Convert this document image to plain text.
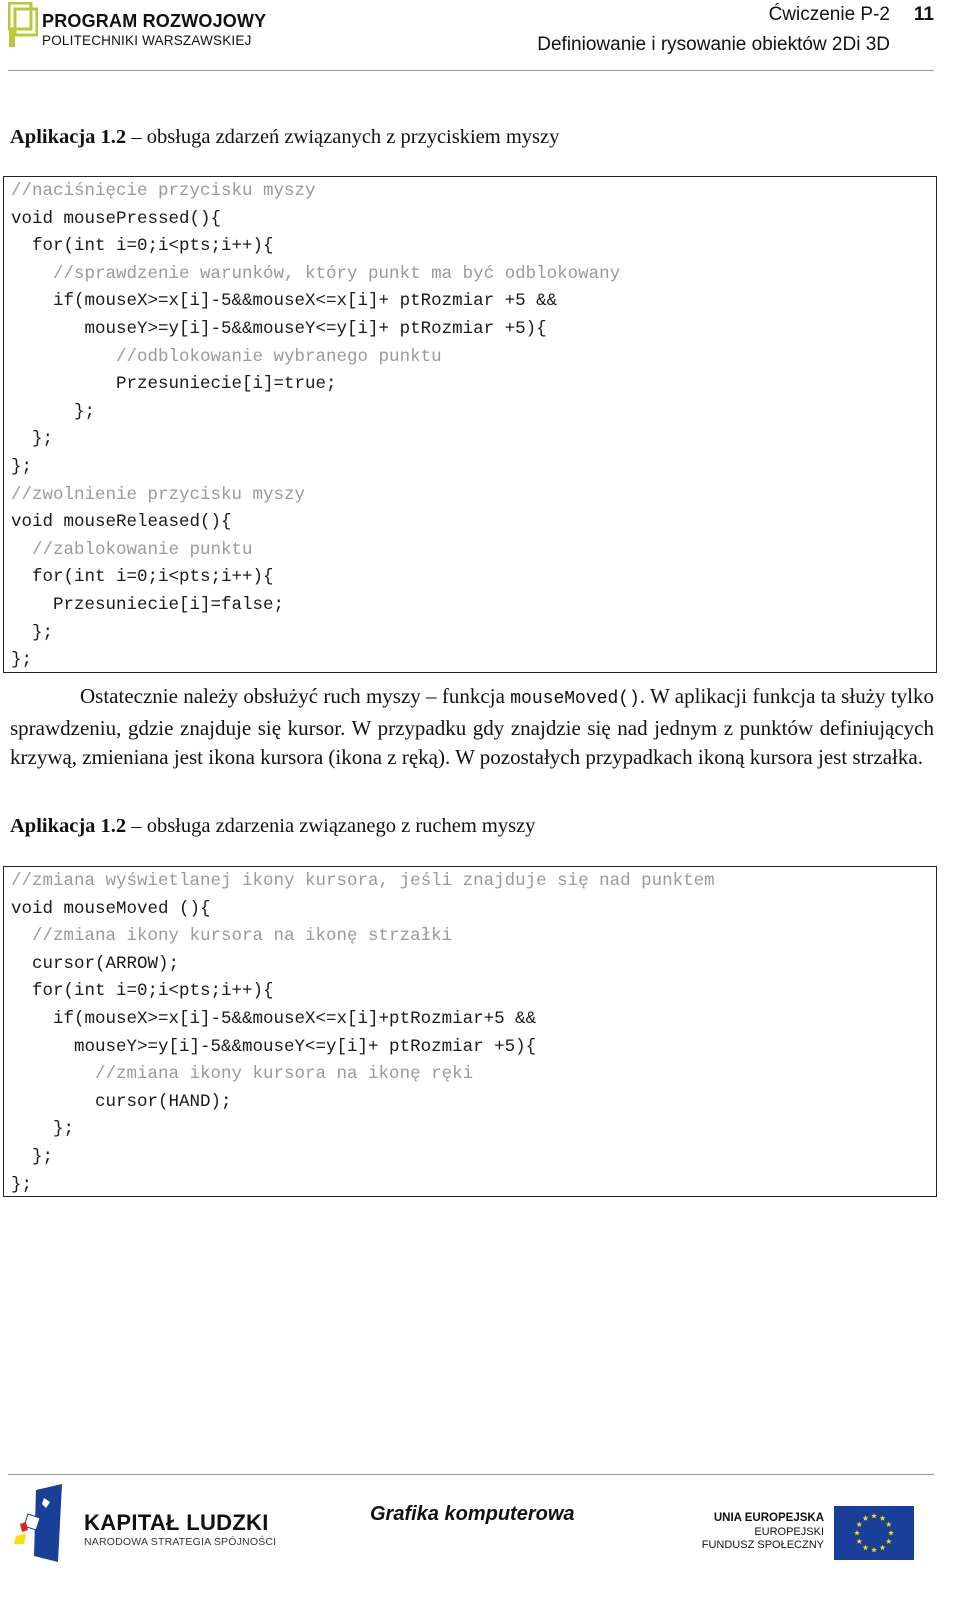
PROGRAM ROZWOJOWY
POLITECHNIKI WARSZAWSKIEJ
Ćwiczenie P-2 11
Definiowanie i rysowanie obiektów 2Di 3D
Aplikacja 1.2 – obsługa zdarzeń związanych z przyciskiem myszy
//naciśnięcie przycisku myszy
void mousePressed(){
for(int i=0;i<pts;i++){
//sprawdzenie warunków, który punkt ma być odblokowany
if(mouseX>=x[i]-5&&mouseX<=x[i]+ ptRozmiar +5 &&
mouseY>=y[i]-5&&mouseY<=y[i]+ ptRozmiar +5){
//odblokowanie wybranego punktu
Przesuniecie[i]=true;
};
};
};
//zwolnienie przycisku myszy
void mouseReleased(){
//zablokowanie punktu
for(int i=0;i<pts;i++){
Przesuniecie[i]=false;
};
};

Ostatecznie należy obsłużyć ruch myszy – funkcja mouseMoved(). W aplikacji funkcja ta służy tylko sprawdzeniu, gdzie znajduje się kursor. W przypadku gdy znajdzie się nad jednym z punktów definiujących krzywą, zmieniana jest ikona kursora (ikona z ręką). W pozostałych przypadkach ikoną kursora jest strzałka.

Aplikacja 1.2 – obsługa zdarzenia związanego z ruchem myszy
//zmiana wyświetlanej ikony kursora, jeśli znajduje się nad punktem
void mouseMoved (){
//zmiana ikony kursora na ikonę strzałki
cursor(ARROW);
for(int i=0;i<pts;i++){
if(mouseX>=x[i]-5&&mouseX<=x[i]+ptRozmiar+5 &&
mouseY>=y[i]-5&&mouseY<=y[i]+ ptRozmiar +5){
//zmiana ikony kursora na ikonę ręki
cursor(HAND);
};
};
};
KAPITAŁ LUDZKI
NARODOWA STRATEGIA SPÓJNOŚCI
Grafika komputerowa	UNIA EUROPEJSKA
EUROPEJSKI
FUNDUSZ SPOŁECZNY
